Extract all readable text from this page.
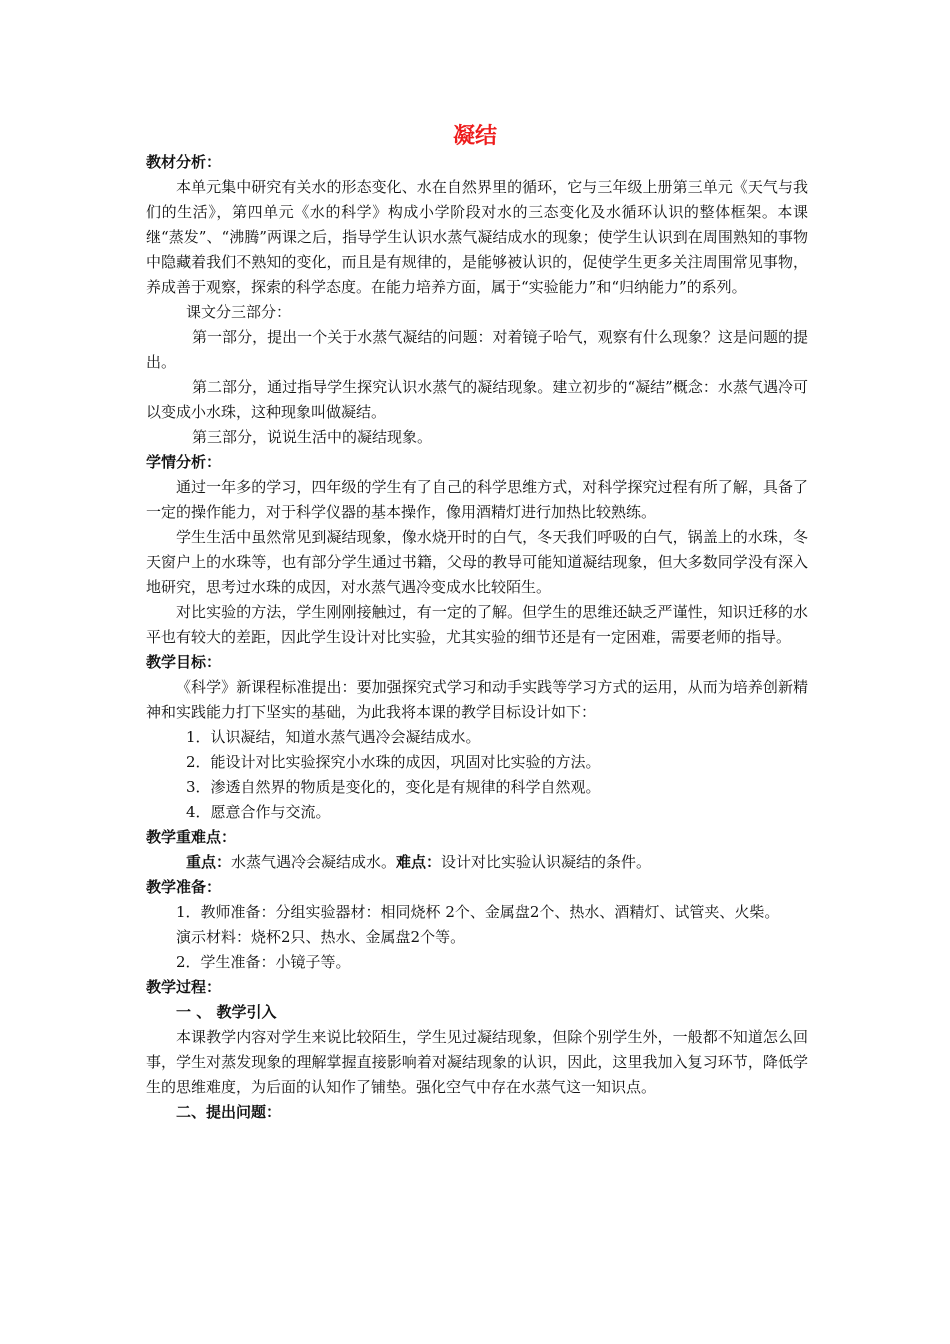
凝结

教材分析：

本单元集中研究有关水的形态变化、水在自然界里的循环，它与三年级上册第三单元《天气与我们的生活》，第四单元《水的科学》构成小学阶段对水的三态变化及水循环认识的整体框架。本课继“蒸发”、“沸腾”两课之后，指导学生认识水蒸气凝结成水的现象；使学生认识到在周围熟知的事物中隐藏着我们不熟知的变化，而且是有规律的，是能够被认识的，促使学生更多关注周围常见事物，养成善于观察，探索的科学态度。在能力培养方面，属于“实验能力”和“归纳能力”的系列。

课文分三部分：

第一部分，提出一个关于水蒸气凝结的问题：对着镜子哈气，观察有什么现象？这是问题的提出。

第二部分，通过指导学生探究认识水蒸气的凝结现象。建立初步的“凝结”概念：水蒸气遇冷可以变成小水珠，这种现象叫做凝结。

第三部分，说说生活中的凝结现象。

学情分析：

通过一年多的学习，四年级的学生有了自己的科学思维方式，对科学探究过程有所了解，具备了一定的操作能力，对于科学仪器的基本操作，像用酒精灯进行加热比较熟练。

学生生活中虽然常见到凝结现象，像水烧开时的白气，冬天我们呼吸的白气，锅盖上的水珠，冬天窗户上的水珠等，也有部分学生通过书籍，父母的教导可能知道凝结现象，但大多数同学没有深入地研究，思考过水珠的成因，对水蒸气遇冷变成水比较陌生。

对比实验的方法，学生刚刚接触过，有一定的了解。但学生的思维还缺乏严谨性，知识迁移的水平也有较大的差距，因此学生设计对比实验，尤其实验的细节还是有一定困难，需要老师的指导。

教学目标：

《科学》新课程标准提出：要加强探究式学习和动手实践等学习方式的运用，从而为培养创新精神和实践能力打下坚实的基础，为此我将本课的教学目标设计如下：

1．认识凝结，知道水蒸气遇冷会凝结成水。

2．能设计对比实验探究小水珠的成因，巩固对比实验的方法。

3．渗透自然界的物质是变化的，变化是有规律的科学自然观。

4．愿意合作与交流。

教学重难点：

重点：水蒸气遇冷会凝结成水。难点：设计对比实验认识凝结的条件。

教学准备：

1．教师准备：分组实验器材：相同烧杯 2个、金属盘2个、热水、酒精灯、试管夹、火柴。

演示材料：烧杯2只、热水、金属盘2个等。

2．学生准备：小镜子等。

教学过程：

一 、 教学引入

本课教学内容对学生来说比较陌生，学生见过凝结现象，但除个别学生外，一般都不知道怎么回事，学生对蒸发现象的理解掌握直接影响着对凝结现象的认识，因此，这里我加入复习环节，降低学生的思维难度，为后面的认知作了铺垫。强化空气中存在水蒸气这一知识点。

二、提出问题：
